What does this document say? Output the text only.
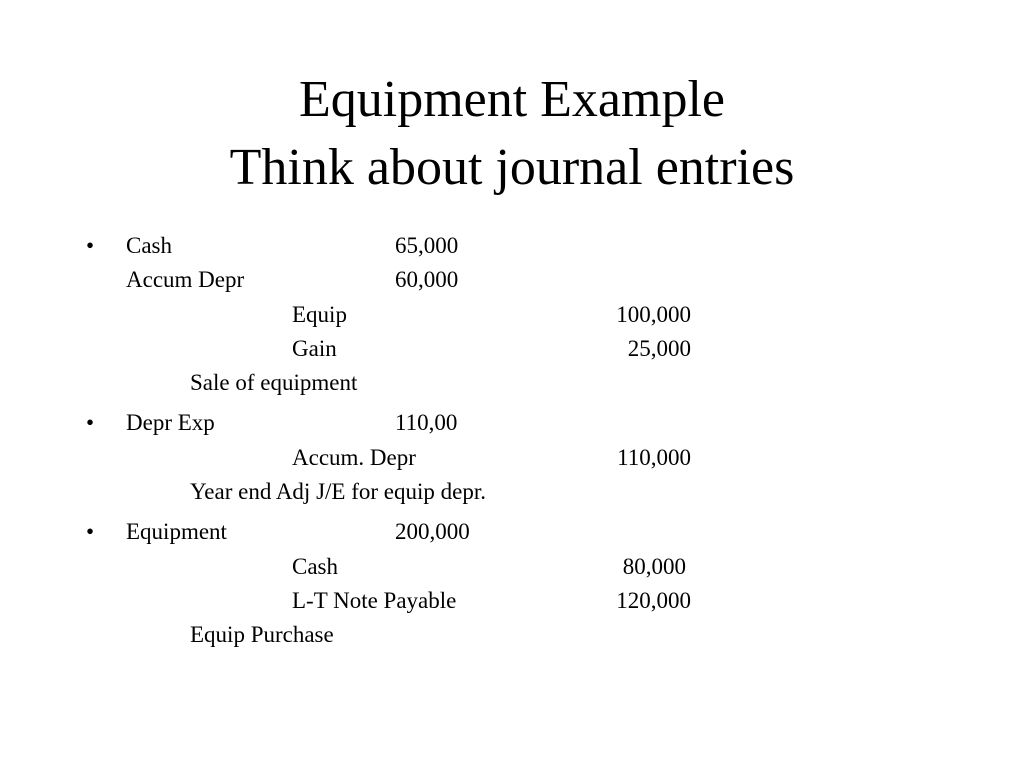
Equipment Example
Think about journal entries
• Cash	65,000
Accum Depr	60,000
Equip	100,000
Gain	25,000
Sale of equipment
• Depr Exp	110,00
Accum. Depr	110,000
Year end Adj J/E for equip depr.
• Equipment	200,000
Cash	80,000
L-T Note Payable	120,000
Equip Purchase
